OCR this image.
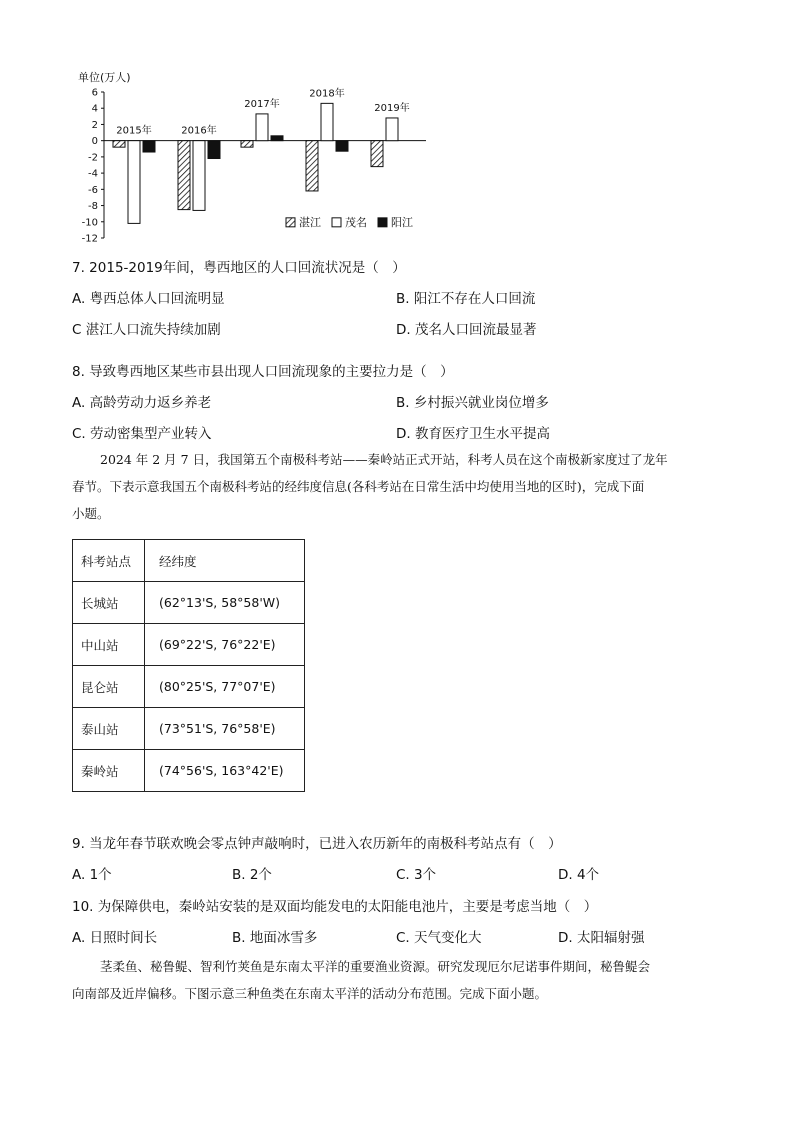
单位(万人)
6
4
2
0
-2
-4
-6
-8
-10
-12
2015年	2016年
2017年
2018年
2019年
湛江 茂名 阳江
7. 2015-2019年间，粤西地区的人口回流状况是（　）
A. 粤西总体人口回流明显	B. 阳江不存在人口回流
C 湛江人口流失持续加剧	D. 茂名人口回流最显著
8. 导致粤西地区某些市县出现人口回流现象的主要拉力是（　）
A. 高龄劳动力返乡养老	B. 乡村振兴就业岗位增多
C. 劳动密集型产业转入	D. 教育医疗卫生水平提高
2024 年 2 月 7 日，我国第五个南极科考站——秦岭站正式开站，科考人员在这个南极新家度过了龙年
春节。下表示意我国五个南极科考站的经纬度信息(各科考站在日常生活中均使用当地的区时)，完成下面
小题。
科考站点	经纬度
长城站	(62°13'S, 58°58'W)
中山站	(69°22'S, 76°22'E)
昆仑站	(80°25'S, 77°07'E)
泰山站	(73°51'S, 76°58'E)
秦岭站	(74°56'S, 163°42'E)
9. 当龙年春节联欢晚会零点钟声敲响时，已进入农历新年的南极科考站点有（　）
A. 1个	B. 2个	C. 3个	D. 4个
10. 为保障供电，秦岭站安装的是双面均能发电的太阳能电池片，主要是考虑当地（　）
A. 日照时间长	B. 地面冰雪多	C. 天气变化大	D. 太阳辐射强
茎柔鱼、秘鲁鳀、智利竹荚鱼是东南太平洋的重要渔业资源。研究发现厄尔尼诺事件期间，秘鲁鳀会
向南部及近岸偏移。下图示意三种鱼类在东南太平洋的活动分布范围。完成下面小题。
